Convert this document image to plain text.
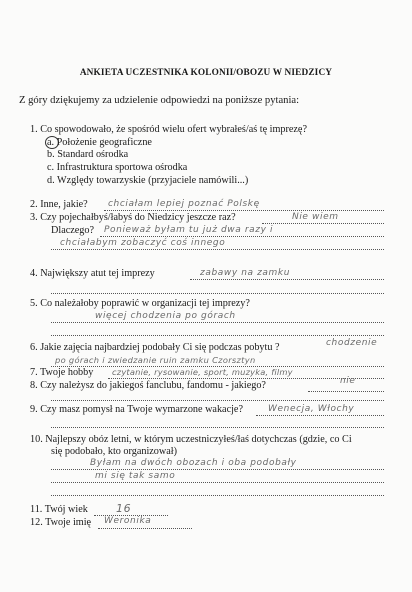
ANKIETA UCZESTNIKA KOLONII/OBOZU W NIEDZICY
Z góry dziękujemy za udzielenie odpowiedzi na poniższe pytania:
1. Co spowodowało, że spośród wielu ofert wybrałeś/aś tę imprezę?
a. Położenie geograficzne
b. Standard ośrodka
c. Infrastruktura sportowa ośrodka
d. Względy towarzyskie (przyjaciele namówili...)
2. Inne, jakie? chciałam lepiej poznać Polskę
3. Czy pojechałbyś/łabyś do Niedzicy jeszcze raz?	Nie wiem
Dlaczego? Ponieważ byłam tu już dwa razy i
chciałabym zobaczyć coś innego
4. Największy atut tej imprezy	zabawy na zamku
5. Co należałoby poprawić w organizacji tej imprezy?
więcej chodzenia po górach
6. Jakie zajęcia najbardziej podobały Ci się podczas pobytu ?	chodzenie
po górach i zwiedzanie ruin zamku Czorsztyn
7. Twoje hobby czytanie, rysowanie, sport, muzyka, filmy
8. Czy należysz do jakiegoś fanclubu, fandomu - jakiego?	nie
9. Czy masz pomysł na Twoje wymarzone wakacje?	Wenecja, Włochy
10. Najlepszy obóz letni, w którym uczestniczyłeś/łaś dotychczas (gdzie, co Ci
się podobało, kto organizował)
Byłam na dwóch obozach i oba podobały
mi się tak samo
11. Twój wiek	16
12. Twoje imię Weronika
